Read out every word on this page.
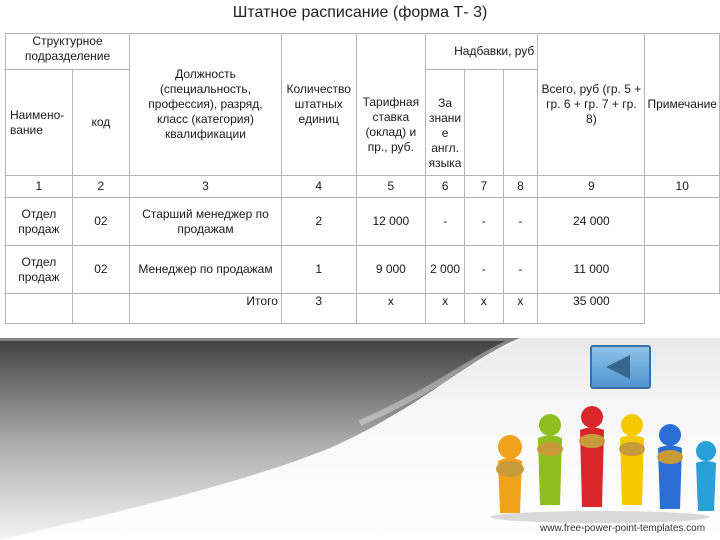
Штатное расписание (форма Т- 3)
Структурное подразделение		Должность (специальность, профессия), разряд, класс (категория) квалификации	Количество штатных единиц	Тарифная ставка (оклад) и пр., руб.	Надбавки, руб			Всего, руб (гр. 5 + гр. 6 + гр. 7 + гр. 8)	Примечание
Наимено-вание	код				За знани е англ. языка				
1	2	3	4	5	6	7	8	9	10
Отдел продаж	02	Старший менеджер по продажам	2	12 000	-	-	-	24 000	
Отдел продаж	02	Менеджер по продажам	1	9 000	2 000	-	-	11 000	
		Итого	3	х	х	х	х	35 000	
www.free-power-point-templates.com
